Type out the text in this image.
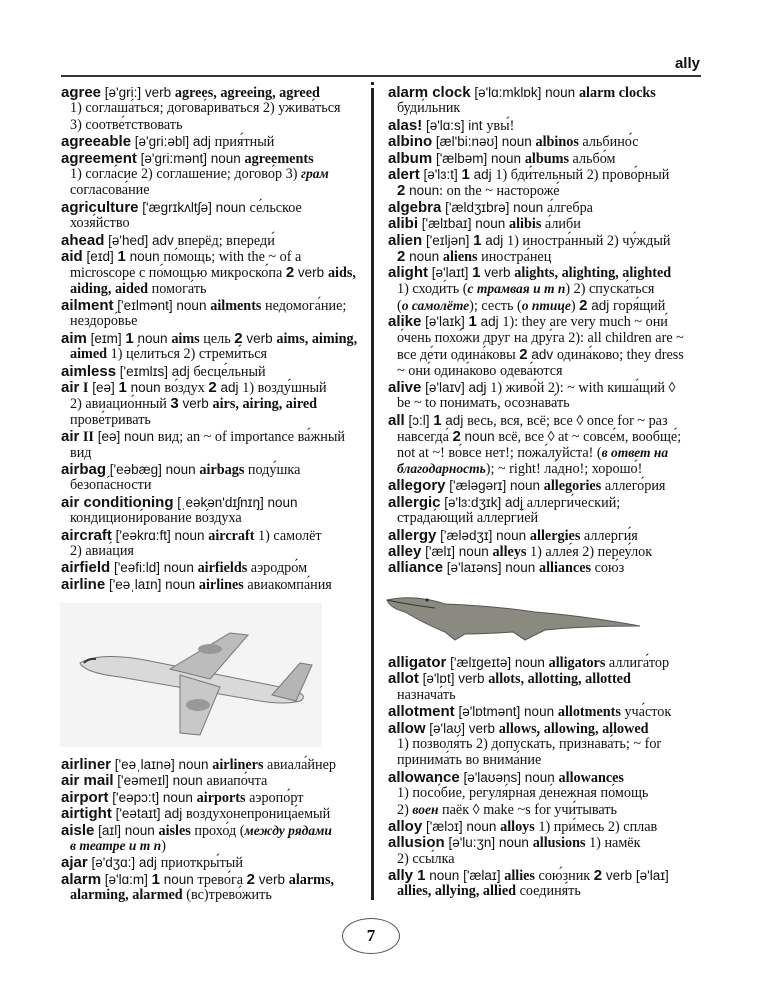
ally
agree [ə'gri:] verb agrees, agreeing, agreed
1) соглаша́ться; догова́риваться 2) ужива́ться
3) соотве́тствовать
agreeable [ə'gri:əbl] adj прия́тный
agreement [ə'gri:mənt] noun agreements
1) согла́сие 2) соглаше́ние; догово́р 3) грам
согласова́ние
agriculture ['ægrɪkʌltʃə] noun се́льское
хозя́йство
ahead [ə'hed] adv вперёд; впереди́
aid [eɪd] 1 noun по́мощь; with the ~ of a
microscope с по́мощью микроско́па 2 verb aids,
aiding, aided помога́ть
ailment ['eɪlmənt] noun ailments недомога́ние;
нездоро́вье
aim [eɪm] 1 noun aims цель 2 verb aims, aiming,
aimed 1) це́литься 2) стреми́ться
aimless ['eɪmlɪs] adj бесце́льный
air I [eə] 1 noun во́здух 2 adj 1) возду́шный
2) авиацио́нный 3 verb airs, airing, aired
прове́тривать
air II [eə] noun вид; an ~ of importance ва́жный
вид
airbag ['eəbæg] noun airbags поду́шка
безопа́сности
air conditioning [ˌeəkən'dɪʃnɪŋ] noun
кондициони́рование во́здуха
aircraft ['eəkrɑ:ft] noun aircraft 1) самолёт
2) авиа́ция
airfield ['eəfi:ld] noun airfields аэродро́м
airline ['eəˌlaɪn] noun airlines авиакомпа́ния
airliner ['eəˌlaɪnə] noun airliners авиала́йнер
air mail ['eəmeɪl] noun авиапо́чта
airport ['eəpɔ:t] noun airports аэропо́рт
airtight ['eətaɪt] adj воздухонепроница́емый
aisle [aɪl] noun aisles прохо́д (между рядами
в театре и т п)
ajar [ə'dʒɑ:] adj приоткры́тый
alarm [ə'lɑ:m] 1 noun трево́га 2 verb alarms,
alarming, alarmed (вс)трево́жить
alarm clock [ə'lɑ:mklɒk] noun alarm clocks
буди́льник
alas! [ə'lɑ:s] int увы́!
albino [æl'bi:nəʊ] noun albinos альбино́с
album ['ælbəm] noun albums альбо́м
alert [ə'lɜ:t] 1 adj 1) бди́тельный 2) прово́рный
2 noun: on the ~ настороже́
algebra ['ældʒɪbrə] noun а́лгебра
alibi ['ælɪbaɪ] noun alibis а́либи
alien ['eɪljən] 1 adj 1) иностра́нный 2) чу́ждый
2 noun aliens иностра́нец
alight [ə'laɪt] 1 verb alights, alighting, alighted
1) сходи́ть (с трамвая и т п) 2) спуска́ться
(о самолёте); сесть (о птице) 2 adj горя́щий
alike [ə'laɪk] 1 adj 1): they are very much ~ они́
о́чень похо́жи друг на дру́га 2): all children are ~
все де́ти одина́ковы 2 adv одина́ково; they dress
~ они́ одина́ково одева́ются
alive [ə'laɪv] adj 1) живо́й 2): ~ with киша́щий ◊
be ~ to понима́ть, осознава́ть
all [ɔ:l] 1 adj весь, вся, всё; все ◊ once for ~ раз
навсегда́ 2 noun всё, все ◊ at ~ совсе́м, вообще́;
not at ~! во́все нет!; пожа́луйста! (в ответ на
благодарность); ~ right! ла́дно!; хорошо́!
allegory ['æləgərɪ] noun allegories аллего́рия
allergic [ə'lɜ:dʒɪk] adj аллерги́ческий;
страда́ющий аллерги́ей
allergy ['ælədʒɪ] noun allergies аллерги́я
alley ['ælɪ] noun alleys 1) алле́я 2) переу́лок
alliance [ə'laɪəns] noun alliances сою́з
alligator ['ælɪgeɪtə] noun alligators аллига́тор
allot [ə'lɒt] verb allots, allotting, allotted
назнача́ть
allotment [ə'lɒtmənt] noun allotments уча́сток
allow [ə'laʊ] verb allows, allowing, allowed
1) позволя́ть 2) допуска́ть, признава́ть; ~ for
принима́ть во внима́ние
allowance [ə'laʊəns] noun allowances
1) посо́бие, регуля́рная де́нежная по́мощь
2) воен паёк ◊ make ~s for учи́тывать
alloy ['ælɔɪ] noun alloys 1) при́месь 2) сплав
allusion [ə'lu:ʒn] noun allusions 1) намёк
2) ссы́лка
ally 1 noun ['ælaɪ] allies сою́зник 2 verb [ə'laɪ]
allies, allying, allied соединя́ть
7
